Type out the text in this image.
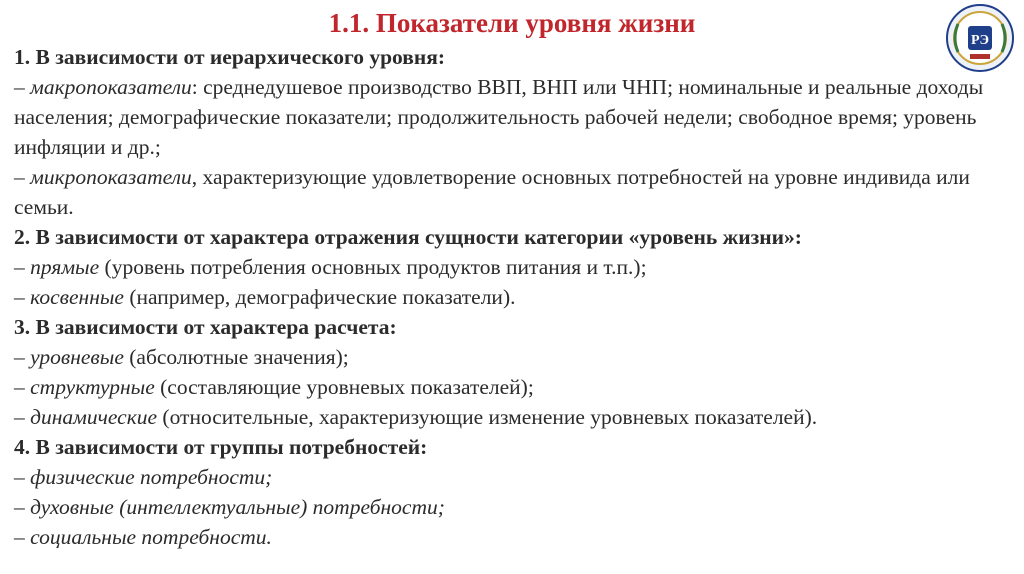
1.1. Показатели уровня жизни
РЭ
1. В зависимости от иерархического уровня:
– макропоказатели: среднедушевое производство ВВП, ВНП или ЧНП; номинальные и реальные доходы населения; демографические показатели; продолжительность рабочей недели; свободное время; уровень инфляции и др.;
– микропоказатели, характеризующие удовлетворение основных потребностей на уровне индивида или семьи.
2. В зависимости от характера отражения сущности категории «уровень жизни»:
– прямые (уровень потребления основных продуктов питания и т.п.);
– косвенные (например, демографические показатели).
3. В зависимости от характера расчета:
– уровневые (абсолютные значения);
– структурные (составляющие уровневых показателей);
– динамические (относительные, характеризующие изменение уровневых показателей).
4. В зависимости от группы потребностей:
– физические потребности;
– духовные (интеллектуальные) потребности;
– социальные потребности.
